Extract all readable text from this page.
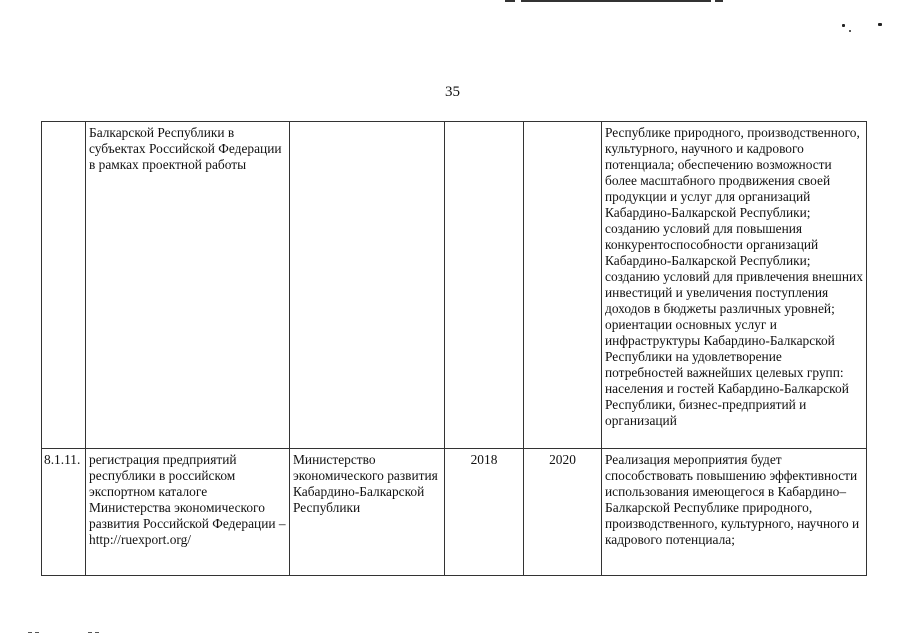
35
	Балкарской Республики в субъектах Российской Федерации в рамках проектной работы				Республике природного, производственного, культурного, научного и кадрового потенциала; обеспечению возможности более масштабного продвижения своей продукции и услуг для организаций Кабардино-Балкарской Республики; созданию условий для повышения конкурентоспособности организаций Кабардино-Балкарской Республики; созданию условий для привлечения внешних инвестиций и увеличения поступления доходов в бюджеты различных уровней; ориентации основных услуг и инфраструктуры Кабардино-Балкарской Республики на удовлетворение потребностей важнейших целевых групп: населения и гостей Кабардино-Балкарской Республики, бизнес-предприятий и организаций
8.1.11.	регистрация предприятий республики в российском экспортном каталоге Министерства экономического развития Российской Федерации – http://ruexport.org/	Министерство экономического развития Кабардино-Балкарской Республики	2018	2020	Реализация мероприятия будет способствовать повышению эффективности использования имеющегося в Кабардино–Балкарской Республике природного, производственного, культурного, научного и кадрового потенциала;
